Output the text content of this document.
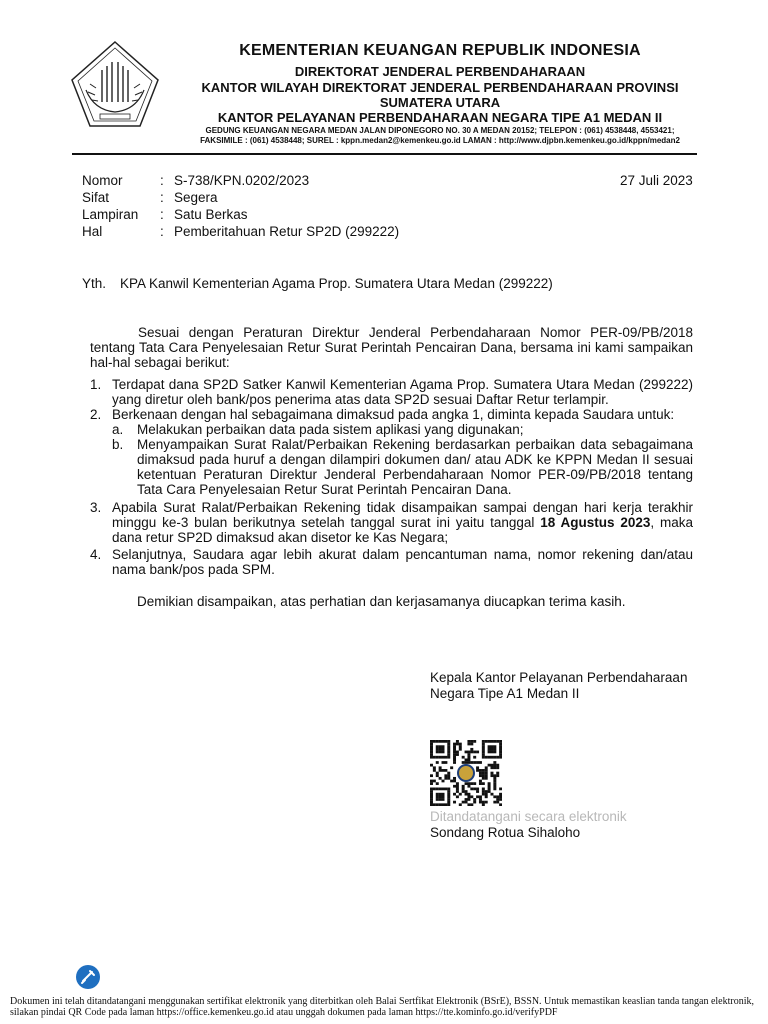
KEMENTERIAN KEUANGAN REPUBLIK INDONESIA
DIREKTORAT JENDERAL PERBENDAHARAAN
KANTOR WILAYAH DIREKTORAT JENDERAL PERBENDAHARAAN PROVINSI
SUMATERA UTARA
KANTOR PELAYANAN PERBENDAHARAAN NEGARA TIPE A1 MEDAN II
GEDUNG KEUANGAN NEGARA MEDAN JALAN DIPONEGORO NO. 30 A MEDAN 20152; TELEPON : (061) 4538448, 4553421;
FAKSIMILE : (061) 4538448; SUREL : kppn.medan2@kemenkeu.go.id LAMAN : http://www.djpbn.kemenkeu.go.id/kppn/medan2
Nomor	: S-738/KPN.0202/2023	27 Juli 2023
Sifat	: Segera
Lampiran : Satu Berkas
Hal	: Pemberitahuan Retur SP2D (299222)
Yth. KPA Kanwil Kementerian Agama Prop. Sumatera Utara Medan (299222)
Sesuai dengan Peraturan Direktur Jenderal Perbendaharaan Nomor PER-09/PB/2018 tentang Tata Cara Penyelesaian Retur Surat Perintah Pencairan Dana, bersama ini kami sampaikan hal-hal sebagai berikut:
1. Terdapat dana SP2D Satker Kanwil Kementerian Agama Prop. Sumatera Utara Medan (299222) yang diretur oleh bank/pos penerima atas data SP2D sesuai Daftar Retur terlampir.
2. Berkenaan dengan hal sebagaimana dimaksud pada angka 1, diminta kepada Saudara untuk:
a. Melakukan perbaikan data pada sistem aplikasi yang digunakan;
b. Menyampaikan Surat Ralat/Perbaikan Rekening berdasarkan perbaikan data sebagaimana dimaksud pada huruf a dengan dilampiri dokumen dan/ atau ADK ke KPPN Medan II sesuai ketentuan Peraturan Direktur Jenderal Perbendaharaan Nomor PER-09/PB/2018 tentang Tata Cara Penyelesaian Retur Surat Perintah Pencairan Dana.
3. Apabila Surat Ralat/Perbaikan Rekening tidak disampaikan sampai dengan hari kerja terakhir minggu ke-3 bulan berikutnya setelah tanggal surat ini yaitu tanggal 18 Agustus 2023, maka dana retur SP2D dimaksud akan disetor ke Kas Negara;
4. Selanjutnya, Saudara agar lebih akurat dalam pencantuman nama, nomor rekening dan/atau nama bank/pos pada SPM.
Demikian disampaikan, atas perhatian dan kerjasamanya diucapkan terima kasih.
Kepala Kantor Pelayanan Perbendaharaan Negara Tipe A1 Medan II
Ditandatangani secara elektronik
Sondang Rotua Sihaloho
Dokumen ini telah ditandatangani menggunakan sertifikat elektronik yang diterbitkan oleh Balai Sertfikat Elektronik (BSrE), BSSN. Untuk memastikan keaslian tanda tangan elektronik, silakan pindai QR Code pada laman https://office.kemenkeu.go.id atau unggah dokumen pada laman https://tte.kominfo.go.id/verifyPDF
